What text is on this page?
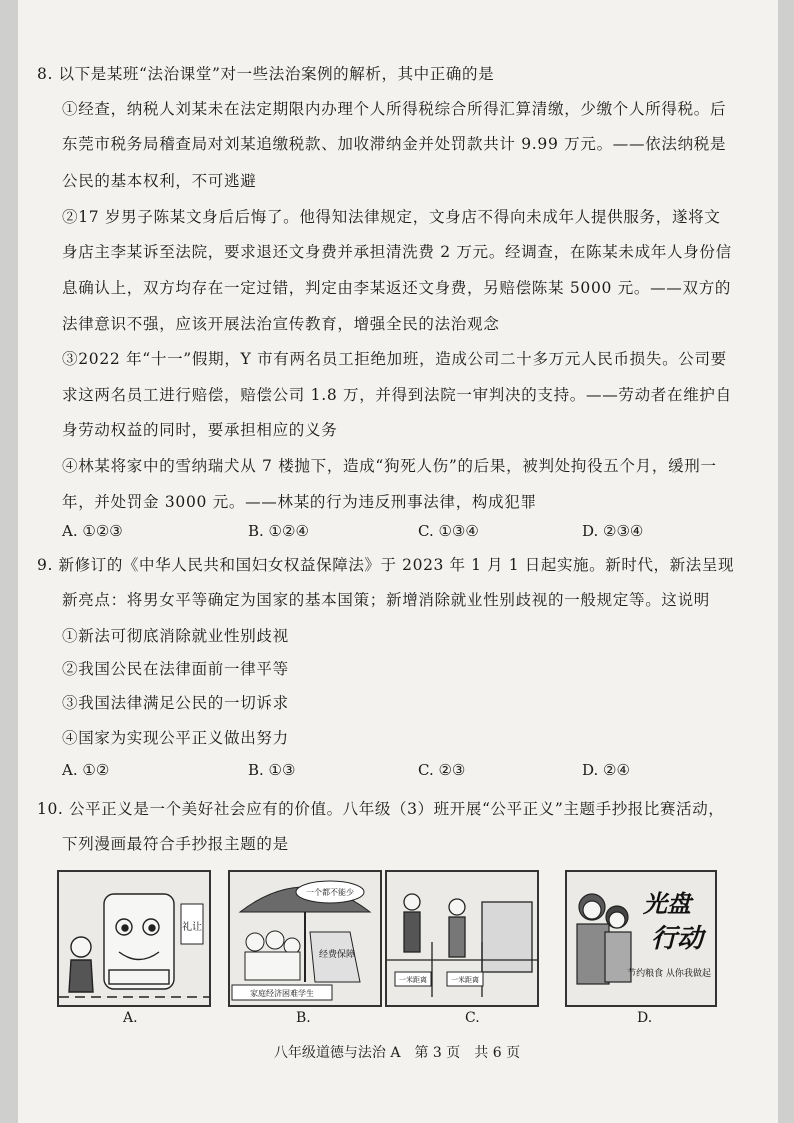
8. 以下是某班“法治课堂”对一些法治案例的解析，其中正确的是
①经查，纳税人刘某未在法定期限内办理个人所得税综合所得汇算清缴，少缴个人所得税。后
东莞市税务局稽查局对刘某追缴税款、加收滞纳金并处罚款共计 9.99 万元。——依法纳税是
公民的基本权利，不可逃避
②17 岁男子陈某文身后后悔了。他得知法律规定，文身店不得向未成年人提供服务，遂将文
身店主李某诉至法院，要求退还文身费并承担清洗费 2 万元。经调查，在陈某未成年人身份信
息确认上，双方均存在一定过错，判定由李某返还文身费，另赔偿陈某 5000 元。——双方的
法律意识不强，应该开展法治宣传教育，增强全民的法治观念
③2022 年“十一”假期，Y 市有两名员工拒绝加班，造成公司二十多万元人民币损失。公司要
求这两名员工进行赔偿，赔偿公司 1.8 万，并得到法院一审判决的支持。——劳动者在维护自
身劳动权益的同时，要承担相应的义务
④林某将家中的雪纳瑞犬从 7 楼抛下，造成“狗死人伤”的后果，被判处拘役五个月，缓刑一
年，并处罚金 3000 元。——林某的行为违反刑事法律，构成犯罪
A. ①②③	B. ①②④	C. ①③④	D. ②③④
9. 新修订的《中华人民共和国妇女权益保障法》于 2023 年 1 月 1 日起实施。新时代，新法呈现
新亮点：将男女平等确定为国家的基本国策；新增消除就业性别歧视的一般规定等。这说明
①新法可彻底消除就业性别歧视
②我国公民在法律面前一律平等
③我国法律满足公民的一切诉求
④国家为实现公平正义做出努力
A. ①②	B. ①③	C. ②③	D. ②④
10. 公平正义是一个美好社会应有的价值。八年级（3）班开展“公平正义”主题手抄报比赛活动，
下列漫画最符合手抄报主题的是
礼让
A.
一个都不能少
经费保障
家庭经济困难学生
B.
一米距离	一米距离
C.
光盘
行动
节约粮食 从你我做起
D.
八年级道德与法治 A　第 3 页　共 6 页
